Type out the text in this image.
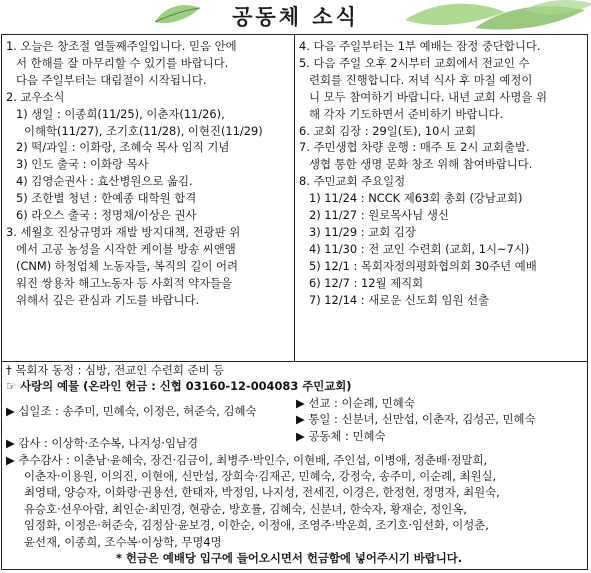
공동체 소식
1. 오늘은 창조절 열둘째주일입니다. 믿음 안에
서 한해를 잘 마무리할 수 있기를 바랍니다.
다음 주일부터는 대림절이 시작됩니다.
2. 교우소식
1) 생일 : 이종희(11/25), 이춘자(11/26),
이해학(11/27), 조기호(11/28), 이현진(11/29)
2) 떡/과일 : 이화랑, 조혜숙 목사 임직 기념
3) 인도 출국 : 이화랑 목사
4) 김영순권사 : 효산병원으로 옮김.
5) 조한별 청년 : 한예종 대학원 합격
6) 라오스 출국 : 정명채/이상은 권사
3. 세월호 진상규명과 재발 방지대책, 전광판 위
에서 고공 농성을 시작한 케이블 방송 씨앤앰
(CNM) 하청업체 노동자들, 복직의 길이 어려
워진 쌍용차 해고노동자 등 사회적 약자들을
위해서 깊은 관심과 기도를 바랍니다.
4. 다음 주일부터는 1부 예배는 잠정 중단합니다.
5. 다음 주일 오후 2시부터 교회에서 전교인 수
련회를 진행합니다. 저녁 식사 후 마칠 예정이
니 모두 참여하기 바랍니다. 내년 교회 사명을 위
해 각자 기도하면서 준비하기 바랍니다.
6. 교회 김장 : 29일(토), 10시 교회
7. 주민생협 차량 운행 : 매주 토 2시 교회출발.
생협 통한 생명 문화 창조 위해 참여바랍니다.
8. 주민교회 주요일정
1) 11/24 : NCCK 제63회 총회 (강남교회)
2) 11/27 : 원로목사님 생신
3) 11/29 : 교회 김장
4) 11/30 : 전 교인 수련회 (교회, 1시~7시)
5) 12/1 : 목회자정의평화협의회 30주년 예배
6) 12/7 : 12월 제직회
7) 12/14 : 새로운 신도회 임원 선출
† 목회자 동정 : 심방, 전교인 수련회 준비 등
☞ 사랑의 예물 (온라인 헌금 : 신협 03160-12-004083 주민교회)
▶ 십일조 : 송주미, 민혜숙, 이정은, 허준숙, 김혜숙
▶ 감사 : 이상학·조수복, 나지성·임남경
▶ 선교 : 이순례, 민혜숙
▶ 통일 : 신분녀, 신만섭, 이춘자, 김성곤, 민혜숙
▶ 공동체 : 민혜숙
▶ 추수감사 : 이춘남·윤혜숙, 장건·김금이, 최병주·박인수, 이현배, 주인섭, 이병애, 정춘배·정말희,
이춘자·이용원, 이의진, 이현애, 신만섭, 장희숙·김재곤, 민혜숙, 강정숙, 송주미, 이순례, 최원실,
최영태, 양승자, 이화랑·권용선, 한태자, 박정임, 나지성, 전세진, 이경은, 한정현, 정명자, 최원숙,
유승호·선우아람, 최인순·최민경, 현광순, 방호률, 김혜숙, 신분녀, 한숙자, 황재순, 정인옥,
임정화, 이정은·허준숙, 김정삼·윤보경, 이한순, 이정애, 조영주·박운희, 조기호·임선화, 이성춘,
윤선재, 이종희, 조수복·이상학, 무명4명
* 헌금은 예배당 입구에 들어오시면서 헌금함에 넣어주시기 바랍니다.
